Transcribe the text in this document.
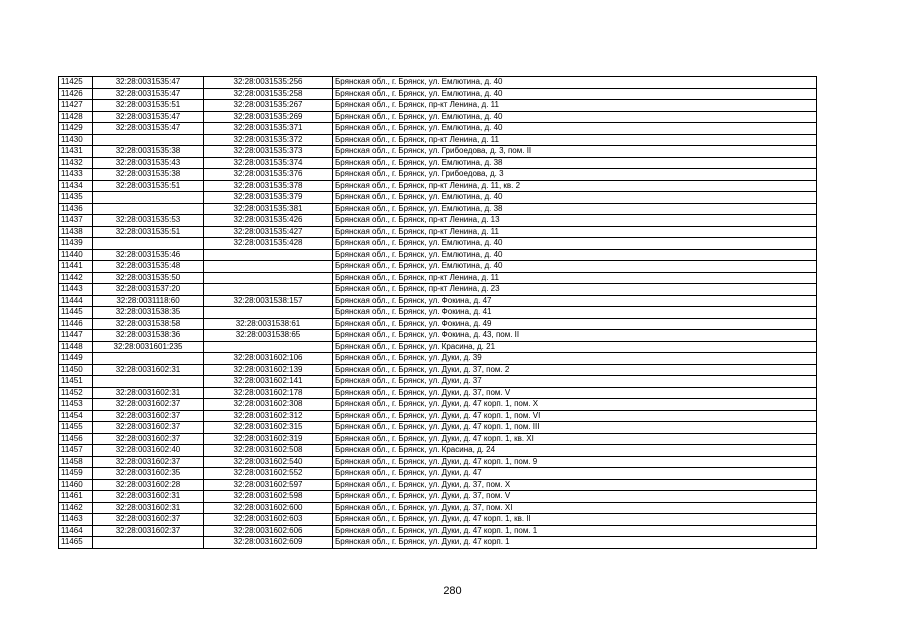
11425	32:28:0031535:47	32:28:0031535:256	Брянская обл., г. Брянск, ул. Емлютина, д. 40
11426	32:28:0031535:47	32:28:0031535:258	Брянская обл., г. Брянск, ул. Емлютина, д. 40
11427	32:28:0031535:51	32:28:0031535:267	Брянская обл., г. Брянск, пр-кт Ленина, д. 11
11428	32:28:0031535:47	32:28:0031535:269	Брянская обл., г. Брянск, ул. Емлютина, д. 40
11429	32:28:0031535:47	32:28:0031535:371	Брянская обл., г. Брянск, ул. Емлютина, д. 40
11430		32:28:0031535:372	Брянская обл., г. Брянск, пр-кт Ленина, д. 11
11431	32:28:0031535:38	32:28:0031535:373	Брянская обл., г. Брянск, ул. Грибоедова, д. 3, пом. II
11432	32:28:0031535:43	32:28:0031535:374	Брянская обл., г. Брянск, ул. Емлютина, д. 38
11433	32:28:0031535:38	32:28:0031535:376	Брянская обл., г. Брянск, ул. Грибоедова, д. 3
11434	32:28:0031535:51	32:28:0031535:378	Брянская обл., г. Брянск, пр-кт Ленина, д. 11, кв. 2
11435		32:28:0031535:379	Брянская обл., г. Брянск, ул. Емлютина, д. 40
11436		32:28:0031535:381	Брянская обл., г. Брянск, ул. Емлютина, д. 38
11437	32:28:0031535:53	32:28:0031535:426	Брянская обл., г. Брянск, пр-кт Ленина, д. 13
11438	32:28:0031535:51	32:28:0031535:427	Брянская обл., г. Брянск, пр-кт Ленина, д. 11
11439		32:28:0031535:428	Брянская обл., г. Брянск, ул. Емлютина, д. 40
11440	32:28:0031535:46		Брянская обл., г. Брянск, ул. Емлютина, д. 40
11441	32:28:0031535:48		Брянская обл., г. Брянск, ул. Емлютина, д. 40
11442	32:28:0031535:50		Брянская обл., г. Брянск, пр-кт Ленина, д. 11
11443	32:28:0031537:20		Брянская обл., г. Брянск, пр-кт Ленина, д. 23
11444	32:28:0031118:60	32:28:0031538:157	Брянская обл., г. Брянск, ул. Фокина, д. 47
11445	32:28:0031538:35		Брянская обл., г. Брянск, ул. Фокина, д. 41
11446	32:28:0031538:58	32:28:0031538:61	Брянская обл., г. Брянск, ул. Фокина, д. 49
11447	32:28:0031538:36	32:28:0031538:65	Брянская обл., г. Брянск, ул. Фокина, д. 43, пом. II
11448	32:28:0031601:235		Брянская обл., г. Брянск, ул. Красина, д. 21
11449		32:28:0031602:106	Брянская обл., г. Брянск, ул. Дуки, д. 39
11450	32:28:0031602:31	32:28:0031602:139	Брянская обл., г. Брянск, ул. Дуки, д. 37, пом. 2
11451		32:28:0031602:141	Брянская обл., г. Брянск, ул. Дуки, д. 37
11452	32:28:0031602:31	32:28:0031602:178	Брянская обл., г. Брянск, ул. Дуки, д. 37, пом. V
11453	32:28:0031602:37	32:28:0031602:308	Брянская обл., г. Брянск, ул. Дуки, д. 47 корп. 1, пом. X
11454	32:28:0031602:37	32:28:0031602:312	Брянская обл., г. Брянск, ул. Дуки, д. 47 корп. 1, пом. VI
11455	32:28:0031602:37	32:28:0031602:315	Брянская обл., г. Брянск, ул. Дуки, д. 47 корп. 1, пом. III
11456	32:28:0031602:37	32:28:0031602:319	Брянская обл., г. Брянск, ул. Дуки, д. 47 корп. 1, кв. XI
11457	32:28:0031602:40	32:28:0031602:508	Брянская обл., г. Брянск, ул. Красина, д. 24
11458	32:28:0031602:37	32:28:0031602:540	Брянская обл., г. Брянск, ул. Дуки, д. 47 корп. 1, пом. 9
11459	32:28:0031602:35	32:28:0031602:552	Брянская обл., г. Брянск, ул. Дуки, д. 47
11460	32:28:0031602:28	32:28:0031602:597	Брянская обл., г. Брянск, ул. Дуки, д. 37, пом. X
11461	32:28:0031602:31	32:28:0031602:598	Брянская обл., г. Брянск, ул. Дуки, д. 37, пом. V
11462	32:28:0031602:31	32:28:0031602:600	Брянская обл., г. Брянск, ул. Дуки, д. 37, пом. XI
11463	32:28:0031602:37	32:28:0031602:603	Брянская обл., г. Брянск, ул. Дуки, д. 47 корп. 1, кв. II
11464	32:28:0031602:37	32:28:0031602:606	Брянская обл., г. Брянск, ул. Дуки, д. 47 корп. 1, пом. 1
11465		32:28:0031602:609	Брянская обл., г. Брянск, ул. Дуки, д. 47 корп. 1
280
